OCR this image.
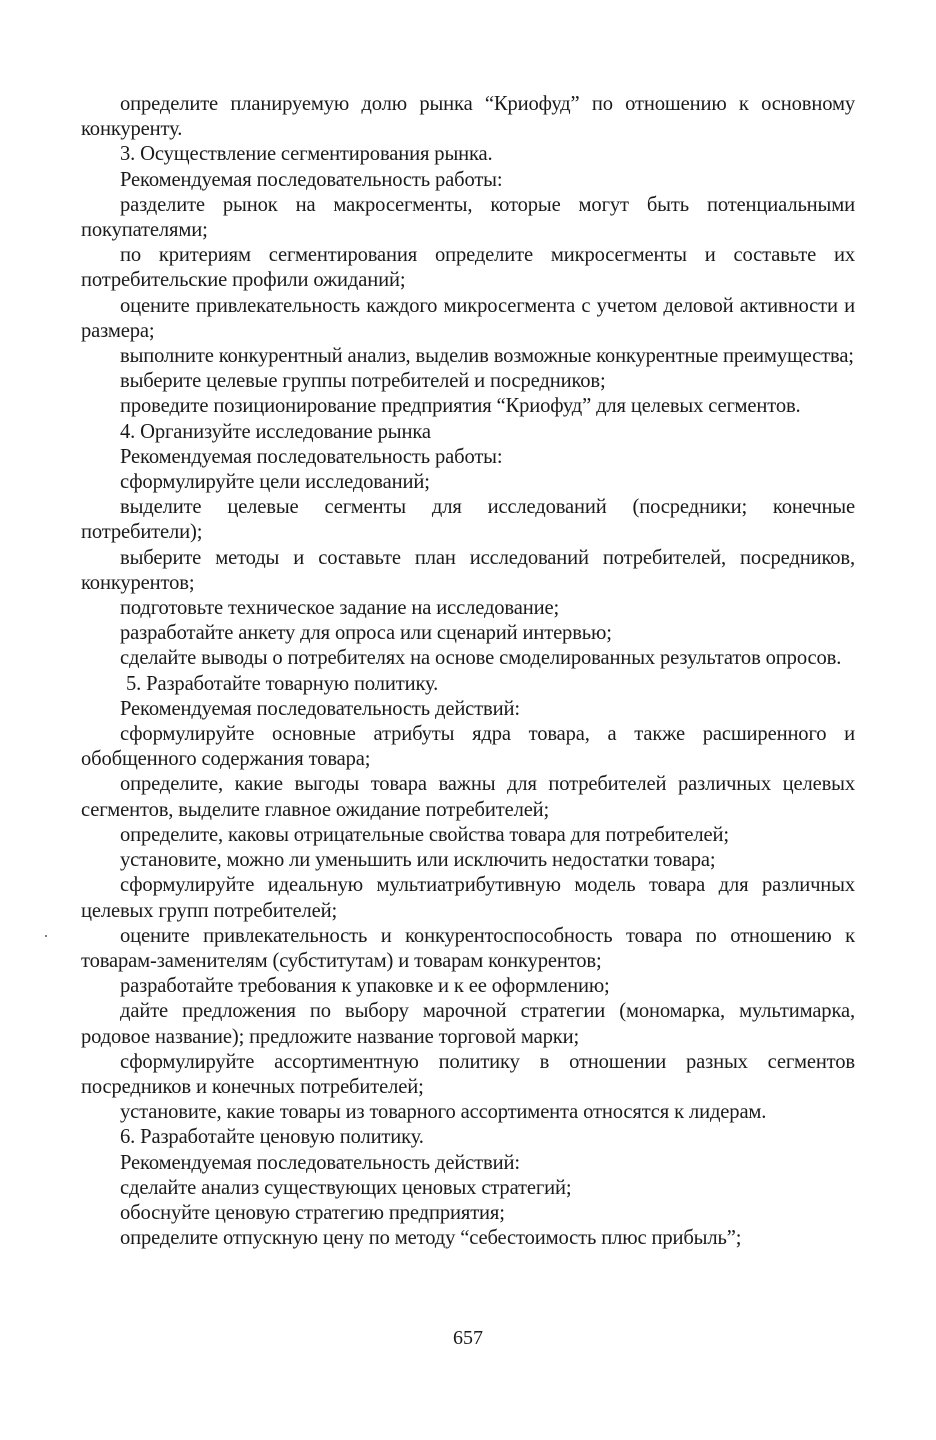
определите планируемую долю рынка “Криофуд” по отношению к основному конкуренту.

3. Осуществление сегментирования рынка.

Рекомендуемая последовательность работы:

разделите рынок на макросегменты, которые могут быть потенциальными покупателями;

по критериям сегментирования определите микросегменты и составьте их потребительские профили ожиданий;

оцените привлекательность каждого микросегмента с учетом деловой активности и размера;

выполните конкурентный анализ, выделив возможные конкурентные преимущества;

выберите целевые группы потребителей и посредников;

проведите позиционирование предприятия “Криофуд” для целевых сегментов.

4. Организуйте исследование рынка

Рекомендуемая последовательность работы:

сформулируйте цели исследований;

выделите целевые сегменты для исследований (посредники; конечные потребители);

выберите методы и составьте план исследований потребителей, посредников, конкурентов;

подготовьте техническое задание на исследование;

разработайте анкету для опроса или сценарий интервью;

сделайте выводы о потребителях на основе смоделированных результатов опросов.

5. Разработайте товарную политику.

Рекомендуемая последовательность действий:

сформулируйте основные атрибуты ядра товара, а также расширенного и обобщенного содержания товара;

определите, какие выгоды товара важны для потребителей различных целевых сегментов, выделите главное ожидание потребителей;

определите, каковы отрицательные свойства товара для потребителей;

установите, можно ли уменьшить или исключить недостатки товара;

сформулируйте идеальную мультиатрибутивную модель товара для различных целевых групп потребителей;

оцените привлекательность и конкурентоспособность товара по отношению к товарам-заменителям (субститутам) и товарам конкурентов;

разработайте требования к упаковке и к ее оформлению;

дайте предложения по выбору марочной стратегии (мономарка, мультимарка, родовое название); предложите название торговой марки;

сформулируйте ассортиментную политику в отношении разных сегментов посредников и конечных потребителей;

установите, какие товары из товарного ассортимента относятся к лидерам.

6. Разработайте ценовую политику.

Рекомендуемая последовательность действий:

сделайте анализ существующих ценовых стратегий;

обоснуйте ценовую стратегию предприятия;

определите отпускную цену по методу “себестоимость плюс прибыль”;

657
